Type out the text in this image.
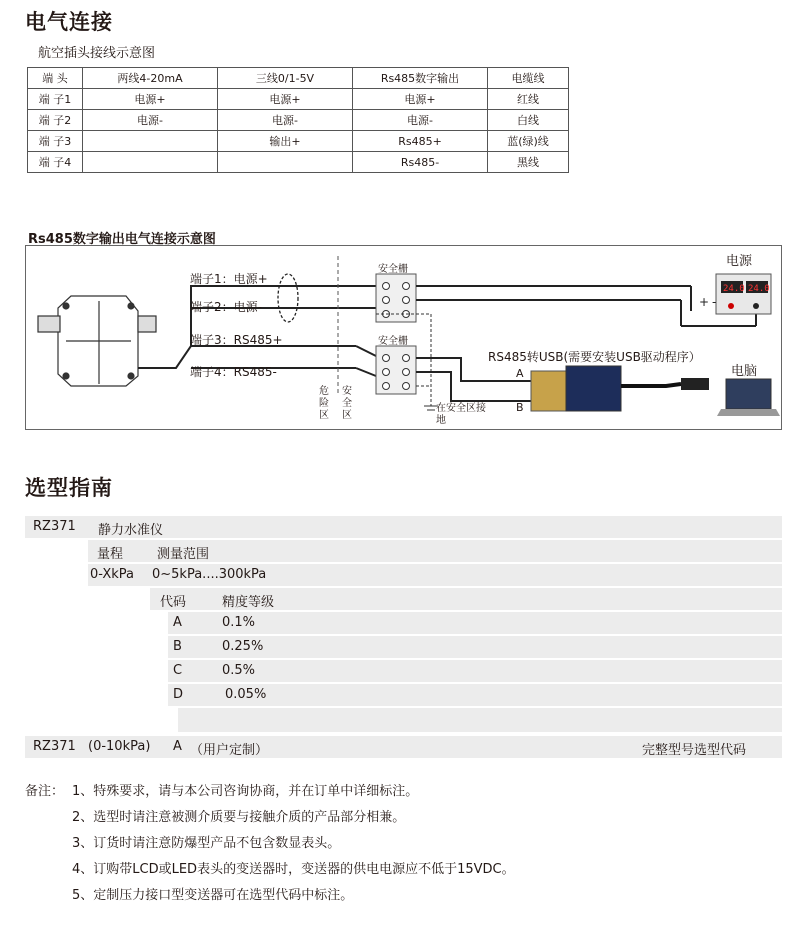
电气连接
航空插头接线示意图
端 头	两线4-20mA	三线0/1-5V	Rs485数字输出	电缆线
端 子1	电源+	电源+	电源+	红线
端 子2	电源-	电源-	电源-	白线
端 子3		输出+	Rs485+	蓝(绿)线
端 子4			Rs485-	黑线
Rs485数字输出电气连接示意图
24.0 24.0
+ -
端子1：电源+
端子2：电源-
端子3：RS485+
端子4：RS485-
安全栅
安全栅
危险区
安全区
在安全区接地
电源
RS485转USB(需要安装USB驱动程序）
电脑
A
B
选型指南
RZ371 静力水准仪
量程	测量范围
0-XkPa 0~5kPa....300kPa
代码	精度等级
A	0.1%
B	0.25%
C	0.5%
D	0.05%
RZ371 (0-10kPa) A （用户定制）	完整型号选型代码
备注： 1、特殊要求，请与本公司咨询协商，并在订单中详细标注。
2、选型时请注意被测介质要与接触介质的产品部分相兼。
3、订货时请注意防爆型产品不包含数显表头。
4、订购带LCD或LED表头的变送器时，变送器的供电电源应不低于15VDC。
5、定制压力接口型变送器可在选型代码中标注。
